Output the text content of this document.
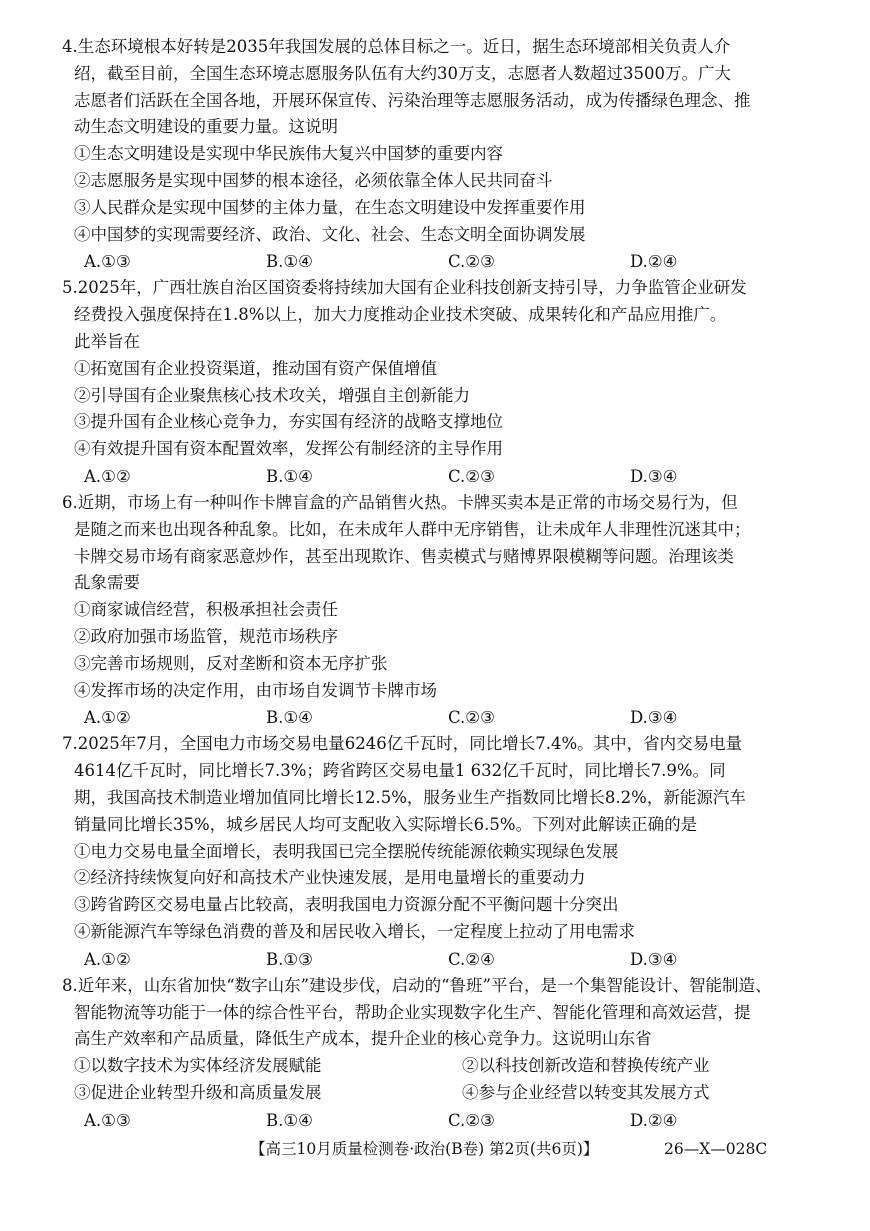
4.生态环境根本好转是2035年我国发展的总体目标之一。近日，据生态环境部相关负责人介
绍，截至目前，全国生态环境志愿服务队伍有大约30万支，志愿者人数超过3500万。广大
志愿者们活跃在全国各地，开展环保宣传、污染治理等志愿服务活动，成为传播绿色理念、推
动生态文明建设的重要力量。这说明
①生态文明建设是实现中华民族伟大复兴中国梦的重要内容
②志愿服务是实现中国梦的根本途径，必须依靠全体人民共同奋斗
③人民群众是实现中国梦的主体力量，在生态文明建设中发挥重要作用
④中国梦的实现需要经济、政治、文化、社会、生态文明全面协调发展
A.①③	B.①④	C.②③	D.②④
5.2025年，广西壮族自治区国资委将持续加大国有企业科技创新支持引导，力争监管企业研发
经费投入强度保持在1.8%以上，加大力度推动企业技术突破、成果转化和产品应用推广。
此举旨在
①拓宽国有企业投资渠道，推动国有资产保值增值
②引导国有企业聚焦核心技术攻关，增强自主创新能力
③提升国有企业核心竞争力，夯实国有经济的战略支撑地位
④有效提升国有资本配置效率，发挥公有制经济的主导作用
A.①②	B.①④	C.②③	D.③④
6.近期，市场上有一种叫作卡牌盲盒的产品销售火热。卡牌买卖本是正常的市场交易行为，但
是随之而来也出现各种乱象。比如，在未成年人群中无序销售，让未成年人非理性沉迷其中；
卡牌交易市场有商家恶意炒作，甚至出现欺诈、售卖模式与赌博界限模糊等问题。治理该类
乱象需要
①商家诚信经营，积极承担社会责任
②政府加强市场监管，规范市场秩序
③完善市场规则，反对垄断和资本无序扩张
④发挥市场的决定作用，由市场自发调节卡牌市场
A.①②	B.①④	C.②③	D.③④
7.2025年7月，全国电力市场交易电量6246亿千瓦时，同比增长7.4%。其中，省内交易电量
4614亿千瓦时，同比增长7.3%；跨省跨区交易电量1 632亿千瓦时，同比增长7.9%。同
期，我国高技术制造业增加值同比增长12.5%，服务业生产指数同比增长8.2%，新能源汽车
销量同比增长35%，城乡居民人均可支配收入实际增长6.5%。下列对此解读正确的是
①电力交易电量全面增长，表明我国已完全摆脱传统能源依赖实现绿色发展
②经济持续恢复向好和高技术产业快速发展，是用电量增长的重要动力
③跨省跨区交易电量占比较高，表明我国电力资源分配不平衡问题十分突出
④新能源汽车等绿色消费的普及和居民收入增长，一定程度上拉动了用电需求
A.①②	B.①③	C.②④	D.③④
8.近年来，山东省加快“数字山东”建设步伐，启动的“鲁班”平台，是一个集智能设计、智能制造、
智能物流等功能于一体的综合性平台，帮助企业实现数字化生产、智能化管理和高效运营，提
高生产效率和产品质量，降低生产成本，提升企业的核心竞争力。这说明山东省
①以数字技术为实体经济发展赋能	②以科技创新改造和替换传统产业
③促进企业转型升级和高质量发展	④参与企业经营以转变其发展方式
A.①③	B.①④	C.②③	D.②④
【高三10月质量检测卷·政治(B卷) 第2页(共6页)】	26—X—028C
